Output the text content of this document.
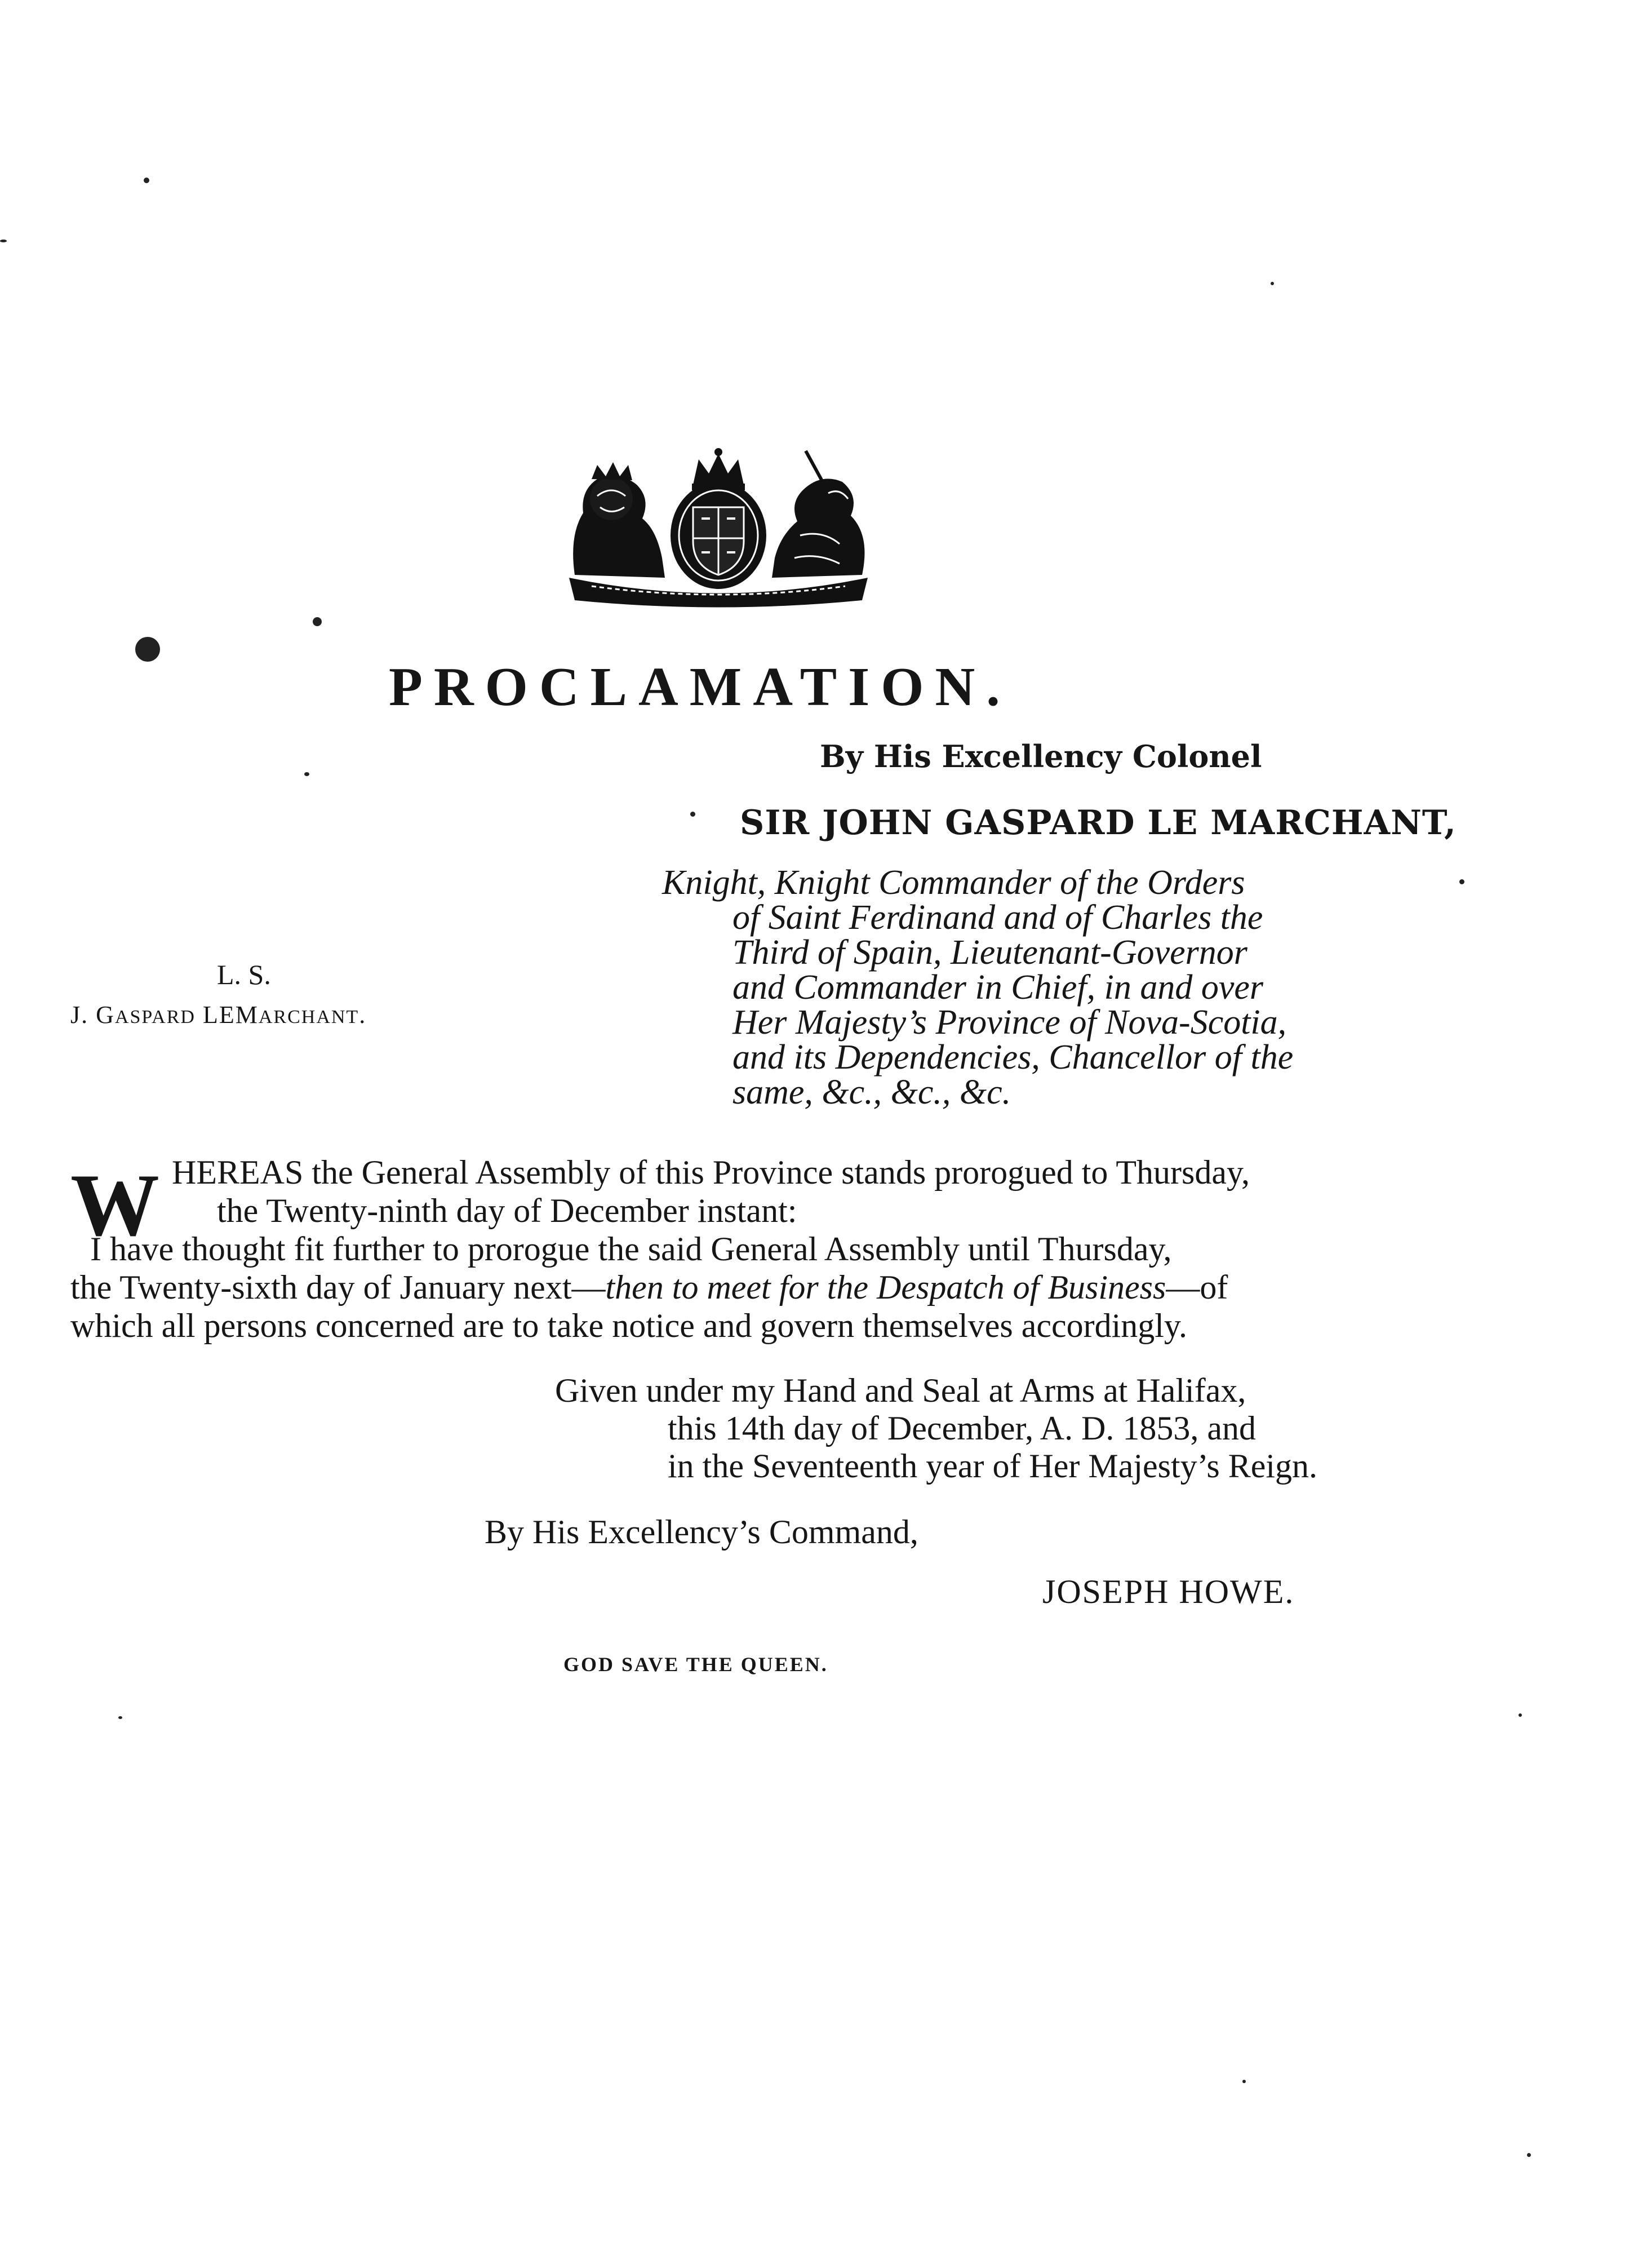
PROCLAMATION.
By His Excellency Colonel
SIR JOHN GASPARD LE MARCHANT,
Knight, Knight Commander of the Orders
of Saint Ferdinand and of Charles the
Third of Spain, Lieutenant-Governor
and Commander in Chief, in and over
Her Majesty’s Province of Nova-Scotia,
and its Dependencies, Chancellor of the
same, &c., &c., &c.
L. S.
J. GASPARD LEMARCHANT.
W HEREAS the General Assembly of this Province stands prorogued to Thursday,
the Twenty-ninth day of December instant:
I have thought fit further to prorogue the said General Assembly until Thursday,
the Twenty-sixth day of January next—then to meet for the Despatch of Business—of
which all persons concerned are to take notice and govern themselves accordingly.
Given under my Hand and Seal at Arms at Halifax,
this 14th day of December, A. D. 1853, and
in the Seventeenth year of Her Majesty’s Reign.
By His Excellency’s Command,
JOSEPH HOWE.
GOD SAVE THE QUEEN.
